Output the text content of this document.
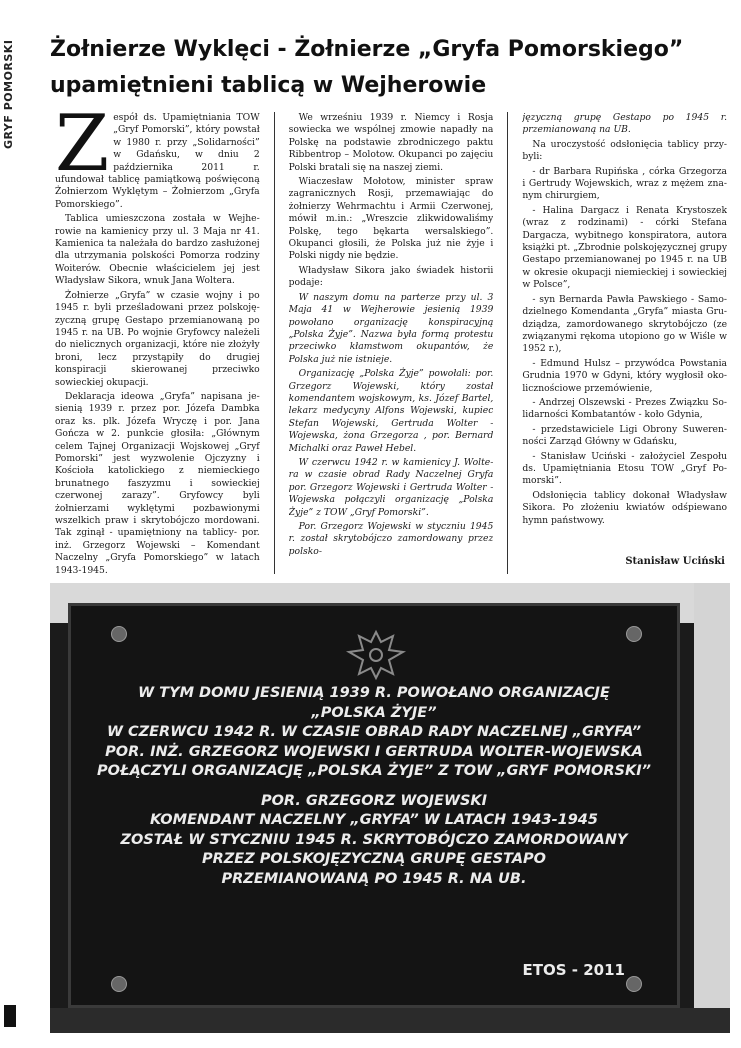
GRYF POMORSKI Żołnierze Wyklęci - Żołnierze „Gryfa Pomorskiego” upamiętnieni tablicą w Wejherowie
Z espół ds. Upamiętniania TOW „Gryf Pomorski”, który powstał w 1980 r. przy „Solidarności” w Gdańsku, w dniu 2 października 2011 r. ufundował tablicę pamiątkową poświęconą Żołnierzom Wyklętym – Żołnierzom „Gryfa Pomorskiego”.

Tablica umieszczona została w Wejherowie na kamienicy przy ul. 3 Maja nr 41. Kamienica ta należała do bardzo zasłużonej dla utrzymania polskości Pomorza rodziny Woiterów. Obecnie właścicielem jej jest Władysław Sikora, wnuk Jana Woltera.

Żołnierze „Gryfa” w czasie wojny i po 1945 r. byli prześladowani przez polskojęzyczną grupę Gestapo przemianowaną po 1945 r. na UB. Po wojnie Gryfowcy należeli do nielicznych organizacji, które nie złożyły broni, lecz przystąpiły do drugiej konspiracji skierowanej przeciwko sowieckiej okupacji.

Deklaracja ideowa „Gryfa” napisana jesienią 1939 r. przez por. Józefa Dambka oraz ks. plk. Józefa Wryczę i por. Jana Gończa w 2. punkcie głosiła: „Głównym celem Tajnej Organizacji Wojskowej „Gryf Pomorski” jest wyzwolenie Ojczyzny i Kościoła katolickiego z niemieckiego brunatnego faszyzmu i sowieckiej czerwonej zarazy”. Gryfowcy byli żołnierzami wyklętymi pozbawionymi wszelkich praw i skrytobójczo mordowani. Tak zginął - upamiętniony na tablicy- por. inż. Grzegorz Wojewski – Komendant Naczelny „Gryfa Pomorskiego” w latach 1943-1945.

We wrześniu 1939 r. Niemcy i Rosja sowiecka we wspólnej zmowie napadły na Polskę na podstawie zbrodniczego paktu Ribbentrop – Molotow. Okupanci po zajęciu Polski bratali się na naszej ziemi.

Wiaczesław Mołotow, minister spraw zagranicznych Rosji, przemawiając do żołnierzy Wehrmachtu i Armii Czerwonej, mówił m.in.: „Wreszcie zlikwidowaliśmy Polskę, tego bękarta wersalskiego”. Okupanci głosili, że Polska już nie żyje i Polski nigdy nie będzie.

Władysław Sikora jako świadek historii podaje:

W naszym domu na parterze przy ul. 3 Maja 41 w Wejherowie jesienią 1939 powołano organizację konspiracyjną „Polska Żyje”. Nazwa była formą protestu przeciwko kłamstwom okupantów, że Polska już nie istnieje.

Organizację „Polska Żyje” powołali: por. Grzegorz Wojewski, który został komendantem wojskowym, ks. Józef Bartel, lekarz medycyny Alfons Wojewski, kupiec Stefan Wojewski, Gertruda Wolter - Wojewska, żona Grzegorza , por. Bernard Michalki oraz Paweł Hebel.

W czerwcu 1942 r. w kamienicy J. Woltera w czasie obrad Rady Naczelnej Gryfa por. Grzegorz Wojewski i Gertruda Wolter - Wojewska połączyli organizację „Polska Żyje” z TOW „Gryf Pomorski”.

Por. Grzegorz Wojewski w styczniu 1945 r. został skrytobójczo zamordowany przez polsko-

języczną grupę Gestapo po 1945 r. przemianowaną na UB.

Na uroczystość odsłonięcia tablicy przybyli:

- dr Barbara Rupińska , córka Grzegorza i Gertrudy Wojewskich, wraz z mężem znanym chirurgiem,

- Halina Dargacz i Renata Krystoszek (wraz z rodzinami) - córki Stefana Dargacza, wybitnego konspiratora, autora książki pt. „Zbrodnie polskojęzycznej grupy Gestapo przemianowanej po 1945 r. na UB w okresie okupacji niemieckiej i sowieckiej w Polsce”,

- syn Bernarda Pawła Pawskiego - Samodzielnego Komendanta „Gryfa” miasta Grudziądza, zamordowanego skrytobójczo (ze związanymi rękoma utopiono go w Wiśle w 1952 r.),

- Edmund Hulsz – przywódca Powstania Grudnia 1970 w Gdyni, który wygłosił okolicznościowe przemówienie,

- Andrzej Olszewski - Prezes Związku Solidarności Kombatantów - koło Gdynia,

- przedstawiciele Ligi Obrony Suwerenności Zarząd Główny w Gdańsku,

- Stanisław Uciński - założyciel Zespołu ds. Upamiętniania Etosu TOW „Gryf Pomorski”.

Odsłonięcia tablicy dokonał Władysław Sikora. Po złożeniu kwiatów odśpiewano hymn państwowy.

Stanisław Uciński
W TYM DOMU JESIENIĄ 1939 R. POWOŁANO ORGANIZACJĘ
„POLSKA ŻYJE”
W CZERWCU 1942 R. W CZASIE OBRAD RADY NACZELNEJ „GRYFA”
POR. INŻ. GRZEGORZ WOJEWSKI I GERTRUDA WOLTER-WOJEWSKA
POŁĄCZYLI ORGANIZACJĘ „POLSKA ŻYJE” Z TOW „GRYF POMORSKI”
POR. GRZEGORZ WOJEWSKI
KOMENDANT NACZELNY „GRYFA” W LATACH 1943-1945
ZOSTAŁ W STYCZNIU 1945 R. SKRYTOBÓJCZO ZAMORDOWANY
PRZEZ POLSKOJĘZYCZNĄ GRUPĘ GESTAPO
PRZEMIANOWANĄ PO 1945 R. NA UB.
ETOS - 2011
